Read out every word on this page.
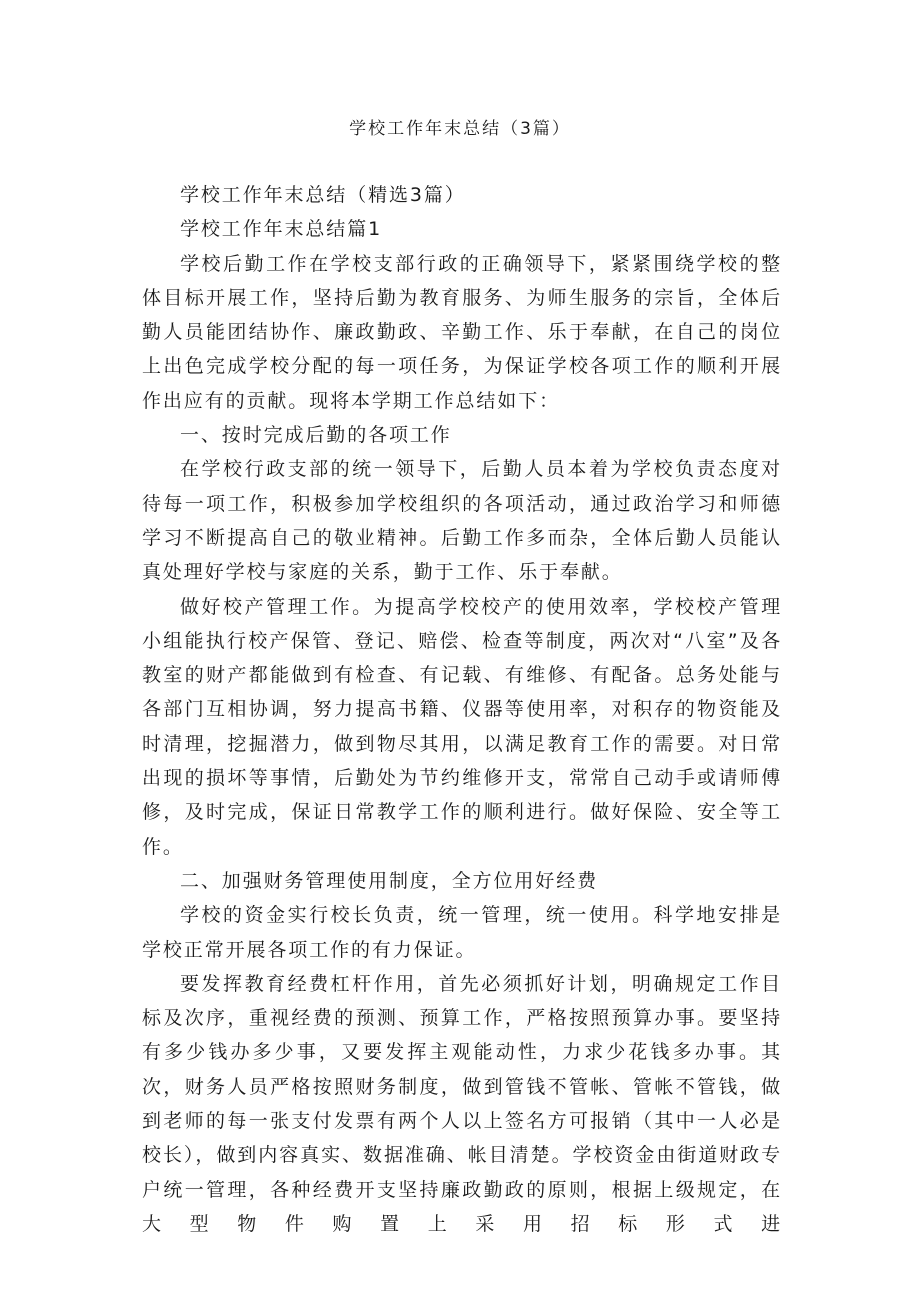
学校工作年末总结（3篇）

学校工作年末总结（精选3篇）

学校工作年末总结篇1

学校后勤工作在学校支部行政的正确领导下，紧紧围绕学校的整体目标开展工作，坚持后勤为教育服务、为师生服务的宗旨，全体后勤人员能团结协作、廉政勤政、辛勤工作、乐于奉献，在自己的岗位上出色完成学校分配的每一项任务，为保证学校各项工作的顺利开展作出应有的贡献。现将本学期工作总结如下：

一、按时完成后勤的各项工作

在学校行政支部的统一领导下，后勤人员本着为学校负责态度对待每一项工作，积极参加学校组织的各项活动，通过政治学习和师德学习不断提高自己的敬业精神。后勤工作多而杂，全体后勤人员能认真处理好学校与家庭的关系，勤于工作、乐于奉献。

做好校产管理工作。为提高学校校产的使用效率，学校校产管理小组能执行校产保管、登记、赔偿、检查等制度，两次对“八室”及各教室的财产都能做到有检查、有记载、有维修、有配备。总务处能与各部门互相协调，努力提高书籍、仪器等使用率，对积存的物资能及时清理，挖掘潜力，做到物尽其用，以满足教育工作的需要。对日常出现的损坏等事情，后勤处为节约维修开支，常常自己动手或请师傅修，及时完成，保证日常教学工作的顺利进行。做好保险、安全等工作。

二、加强财务管理使用制度，全方位用好经费

学校的资金实行校长负责，统一管理，统一使用。科学地安排是学校正常开展各项工作的有力保证。

要发挥教育经费杠杆作用，首先必须抓好计划，明确规定工作目标及次序，重视经费的预测、预算工作，严格按照预算办事。要坚持有多少钱办多少事，又要发挥主观能动性，力求少花钱多办事。其次，财务人员严格按照财务制度，做到管钱不管帐、管帐不管钱，做到老师的每一张支付发票有两个人以上签名方可报销（其中一人必是校长），做到内容真实、数据准确、帐目清楚。学校资金由街道财政专户统一管理，各种经费开支坚持廉政勤政的原则，根据上级规定，在大型物件购置上采用招标形式进
